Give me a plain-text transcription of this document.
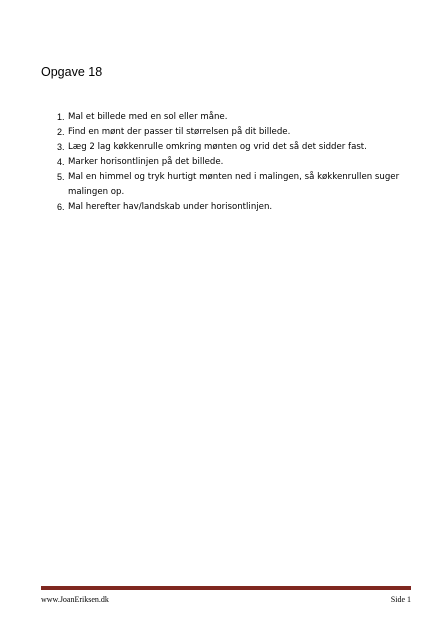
Opgave 18
1. Mal et billede med en sol eller måne.
2. Find en mønt der passer til størrelsen på dit billede.
3. Læg 2 lag køkkenrulle omkring mønten og vrid det så det sidder fast.
4. Marker horisontlinjen på det billede.
5. Mal en himmel og tryk hurtigt mønten ned i malingen, så køkkenrullen suger malingen op.
6. Mal herefter hav/landskab under horisontlinjen.
www.JoanEriksen.dk	Side 1
